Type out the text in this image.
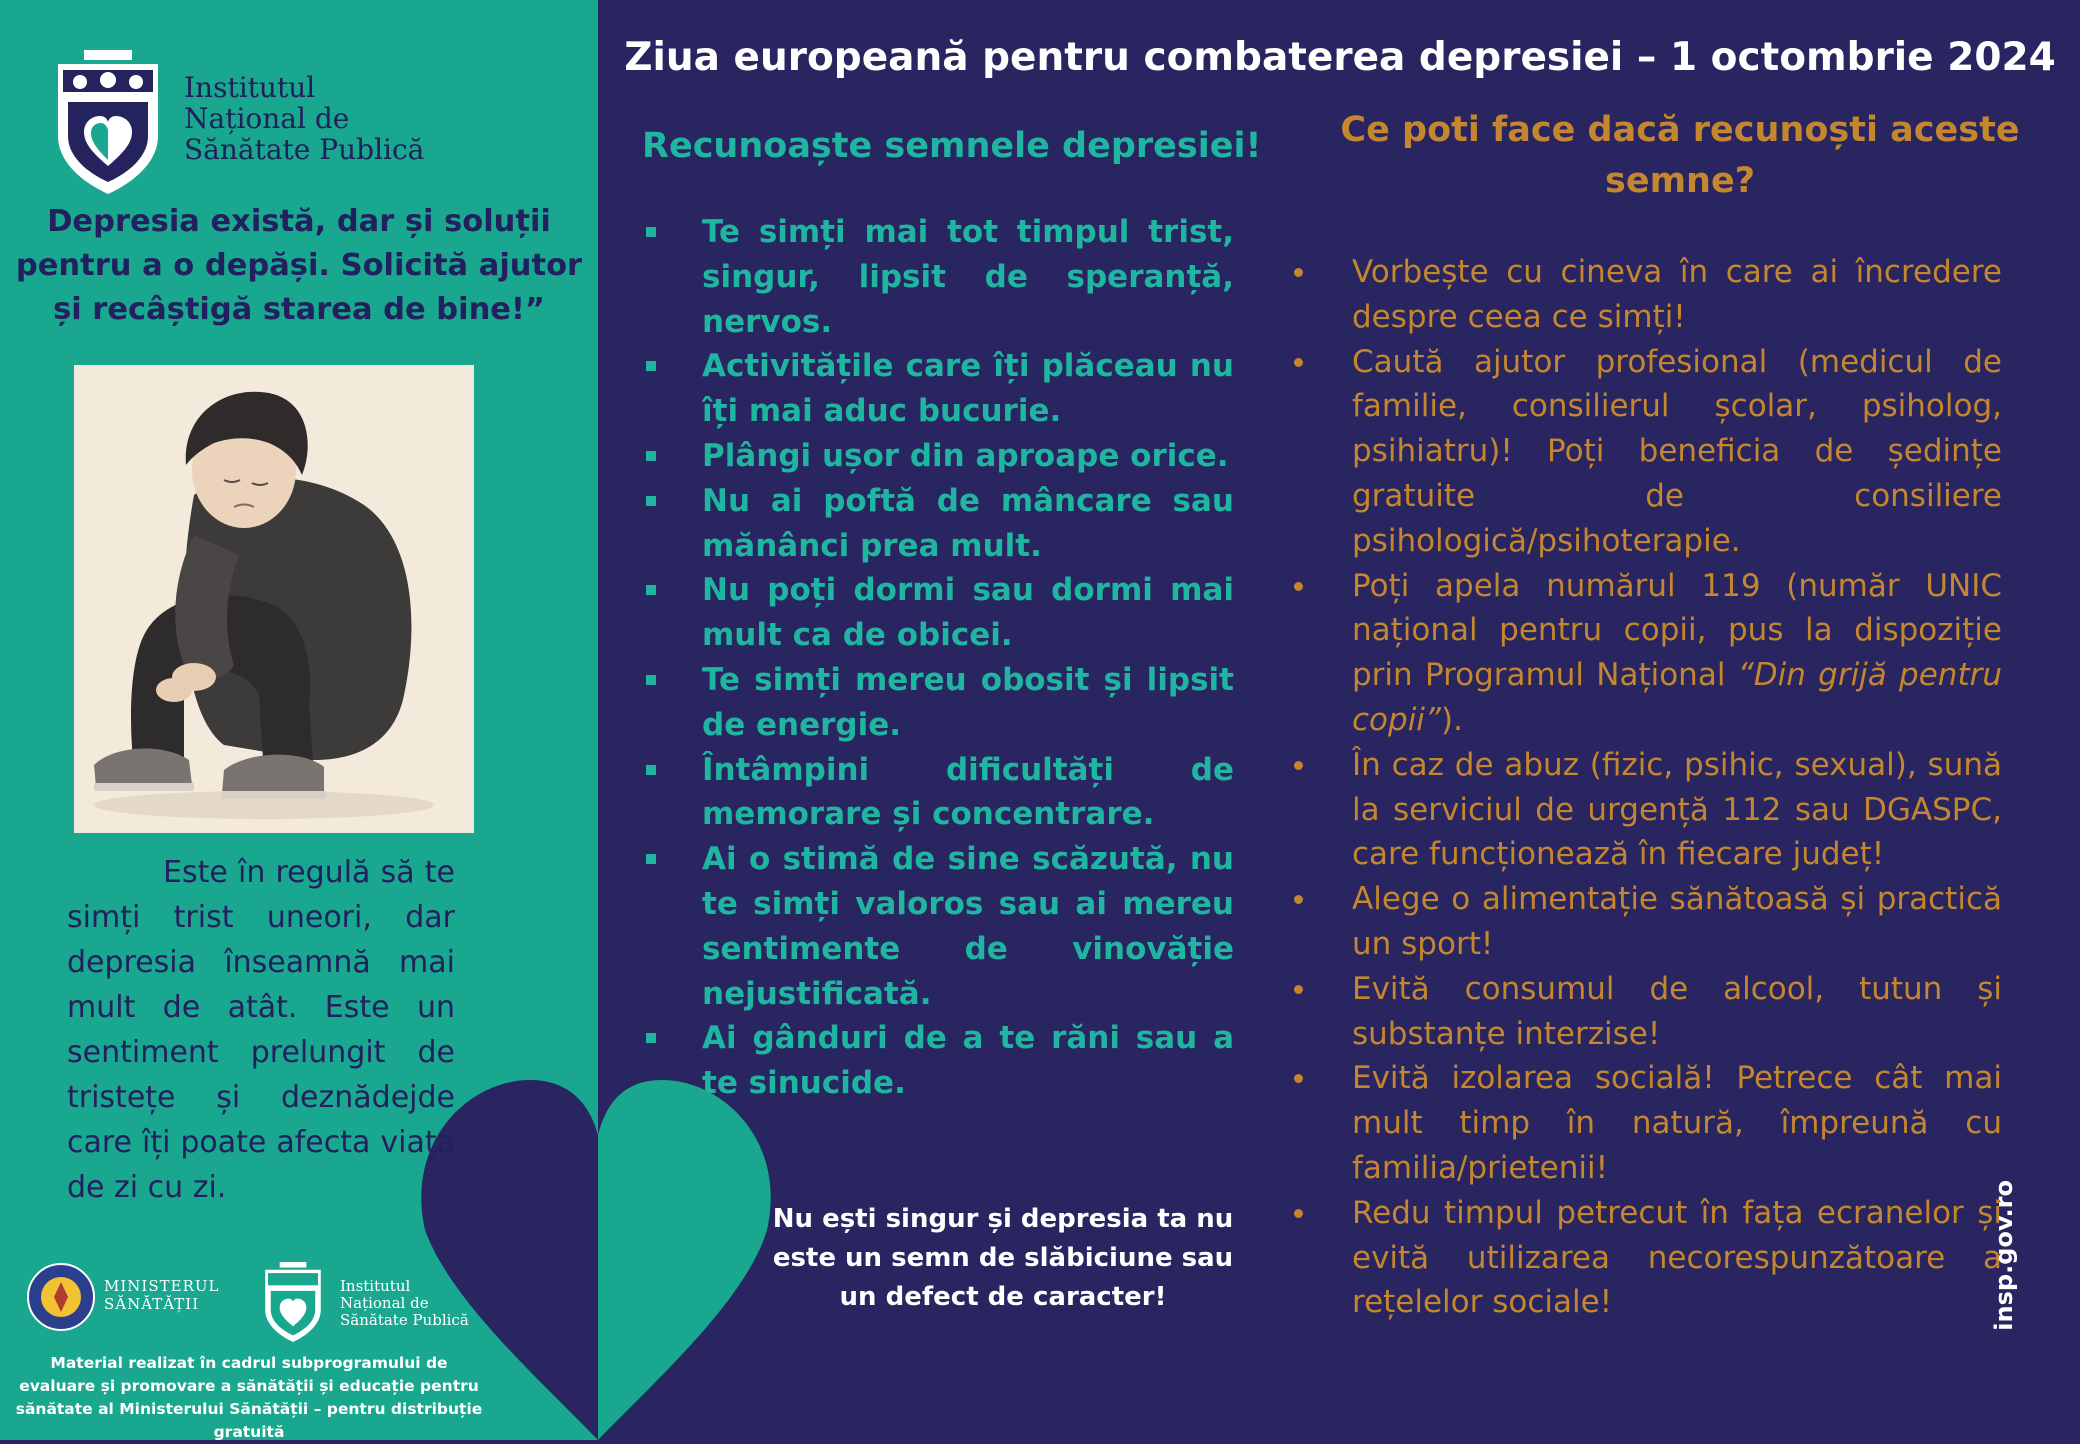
Institutul
Național de
Sănătate Publică
Depresia există, dar și soluții pentru a o depăși. Solicită ajutor și recâștigă starea de bine!”
Este în regulă să te simți trist uneori, dar depresia înseamnă mai mult de atât. Este un sentiment prelungit de tristețe și deznădejde care îți poate afecta viața de zi cu zi.
MINISTERUL
SĂNĂTĂȚII
Institutul
Național de
Sănătate Publică
Material realizat în cadrul subprogramului de evaluare și promovare a sănătății și educație pentru sănătate al Ministerului Sănătății – pentru distribuție gratuită
Ziua europeană pentru combaterea depresiei – 1 octombrie 2024
Recunoaște semnele depresiei!
Te simți mai tot timpul trist, singur, lipsit de speranță, nervos.
Activitățile care îți plăceau nu îți mai aduc bucurie.
Plângi ușor din aproape orice.
Nu ai poftă de mâncare sau mănânci prea mult.
Nu poți dormi sau dormi mai mult ca de obicei.
Te simți mereu obosit și lipsit de energie.
Întâmpini dificultăți de memorare și concentrare.
Ai o stimă de sine scăzută, nu te simți valoros sau ai mereu sentimente de vinovăție nejustificată.
Ai gânduri de a te răni sau a te sinucide.
Nu ești singur și depresia ta nu este un semn de slăbiciune sau un defect de caracter!
Ce poti face dacă recunoști aceste semne?
Vorbește cu cineva în care ai încredere despre ceea ce simți!
Caută ajutor profesional (medicul de familie, consilierul școlar, psiholog, psihiatru)! Poți beneficia de ședințe gratuite de consiliere psihologică/psihoterapie.
Poți apela numărul 119 (număr UNIC național pentru copii, pus la dispoziție prin Programul Național “Din grijă pentru copii”).
În caz de abuz (fizic, psihic, sexual), sună la serviciul de urgență 112 sau DGASPC, care funcționează în fiecare județ!
Alege o alimentație sănătoasă și practică un sport!
Evită consumul de alcool, tutun și substanțe interzise!
Evită izolarea socială! Petrece cât mai mult timp în natură, împreună cu familia/prietenii!
Redu timpul petrecut în fața ecranelor și evită utilizarea necorespunzătoare a rețelelor sociale!	insp.gov.ro
